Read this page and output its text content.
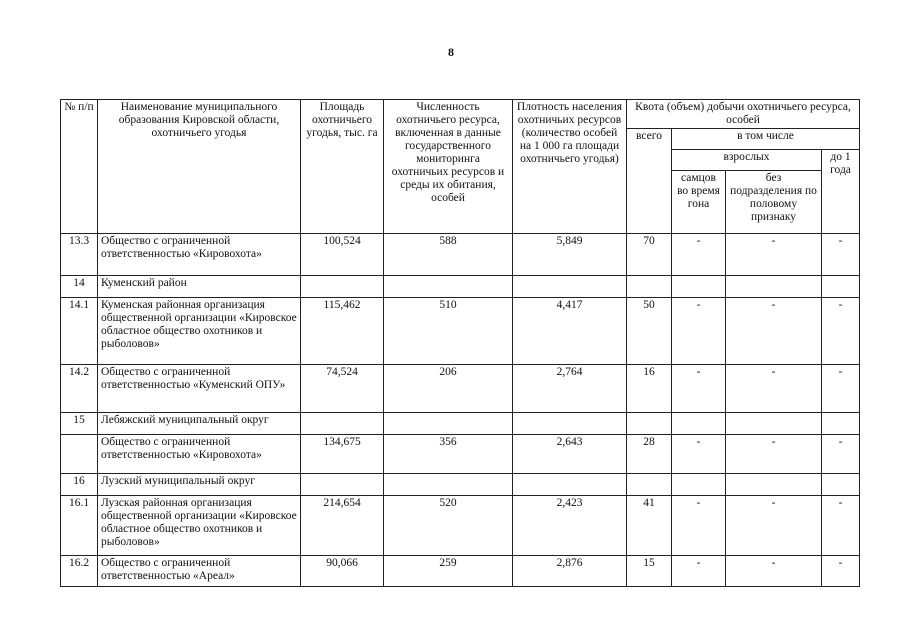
8
№ п/п	Наименование муниципального образования Кировской области, охотничьего угодья	Площадь охотничьего угодья, тыс. га	Численность охотничьего ресурса, включенная в данные государственного мониторинга охотничьих ресурсов и среды их обитания, особей	Плотность населения охотничьих ресурсов (количество особей на 1 000 га площади охотничьего угодья)	Квота (объем) добычи охотничьего ресурса, особей			
					всего	в том числе		
						взрослых		до 1 года
						самцов во время гона	без подразделения по половому признаку	
13.3	Общество с ограниченной ответственностью «Кировохота»	100,524	588	5,849	70	-	-	-
14	Куменский район							
14.1	Куменская районная организация общественной организации «Кировское областное общество охотников и рыболовов»	115,462	510	4,417	50	-	-	-
14.2	Общество с ограниченной ответственностью «Куменский ОПУ»	74,524	206	2,764	16	-	-	-
15	Лебяжский муниципальный округ							
	Общество с ограниченной ответственностью «Кировохота»	134,675	356	2,643	28	-	-	-
16	Лузский муниципальный округ							
16.1	Лузская районная организация общественной организации «Кировское областное общество охотников и рыболовов»	214,654	520	2,423	41	-	-	-
16.2	Общество с ограниченной ответственностью «Ареал»	90,066	259	2,876	15	-	-	-
